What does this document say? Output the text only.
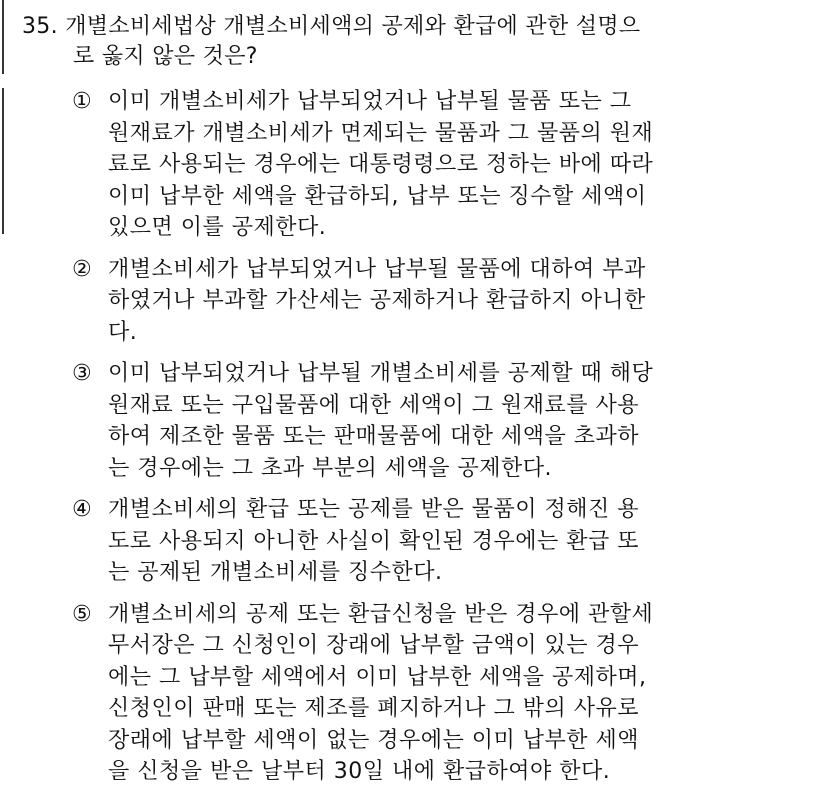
35. 개별소비세법상 개별소비세액의 공제와 환급에 관한 설명으
로 옳지 않은 것은?
① 이미 개별소비세가 납부되었거나 납부될 물품 또는 그
원재료가 개별소비세가 면제되는 물품과 그 물품의 원재
료로 사용되는 경우에는 대통령령으로 정하는 바에 따라
이미 납부한 세액을 환급하되, 납부 또는 징수할 세액이
있으면 이를 공제한다.
② 개별소비세가 납부되었거나 납부될 물품에 대하여 부과
하였거나 부과할 가산세는 공제하거나 환급하지 아니한
다.
③ 이미 납부되었거나 납부될 개별소비세를 공제할 때 해당
원재료 또는 구입물품에 대한 세액이 그 원재료를 사용
하여 제조한 물품 또는 판매물품에 대한 세액을 초과하
는 경우에는 그 초과 부분의 세액을 공제한다.
④ 개별소비세의 환급 또는 공제를 받은 물품이 정해진 용
도로 사용되지 아니한 사실이 확인된 경우에는 환급 또
는 공제된 개별소비세를 징수한다.
⑤ 개별소비세의 공제 또는 환급신청을 받은 경우에 관할세
무서장은 그 신청인이 장래에 납부할 금액이 있는 경우
에는 그 납부할 세액에서 이미 납부한 세액을 공제하며,
신청인이 판매 또는 제조를 폐지하거나 그 밖의 사유로
장래에 납부할 세액이 없는 경우에는 이미 납부한 세액
을 신청을 받은 날부터 30일 내에 환급하여야 한다.
